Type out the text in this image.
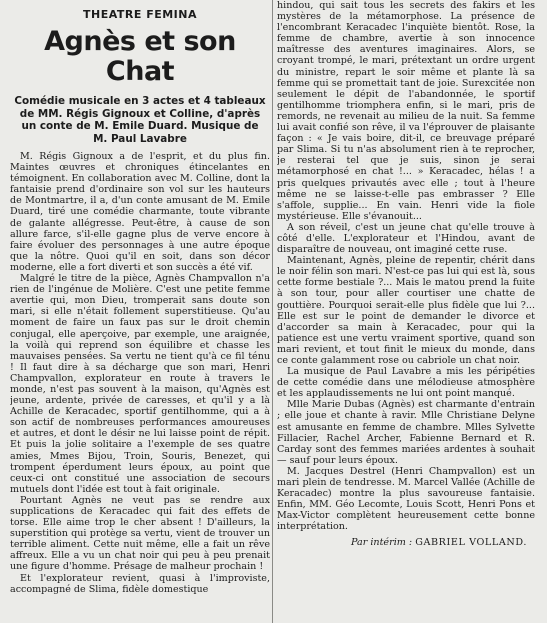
THEATRE FEMINA
Agnès et son Chat
Comédie musicale en 3 actes et 4 tableaux de MM. Régis Gignoux et Colline, d'après un conte de M. Emile Duard. Musique de M. Paul Lavabre

M. Régis Gignoux a de l'esprit, et du plus fin. Maintes œuvres et chroniques étincelantes en témoignent. En collaboration avec M. Colline, dont la fantaisie prend d'ordinaire son vol sur les hauteurs de Montmartre, il a, d'un conte amusant de M. Emile Duard, tiré une comédie charmante, toute vibrante de galante allégresse. Peut-être, à cause de son allure farce, s'il-elle gagne plus de verve encore à faire évoluer des personnages à une autre époque que la nôtre. Quoi qu'il en soit, dans son décor moderne, elle a fort diverti et son succès a été vif.

Malgré le titre de la pièce, Agnès Champvallon n'a rien de l'ingénue de Molière. C'est une petite femme avertie qui, mon Dieu, tromperait sans doute son mari, si elle n'était follement superstitieuse. Qu'au moment de faire un faux pas sur le droit chemin conjugal, elle aperçoive, par exemple, une araignée, la voilà qui reprend son équilibre et chasse les mauvaises pensées. Sa vertu ne tient qu'à ce fil ténu ! Il faut dire à sa décharge que son mari, Henri Champvallon, explorateur en route à travers le monde, n'est pas souvent à la maison, qu'Agnès est jeune, ardente, privée de caresses, et qu'il y a là Achille de Keracadec, sportif gentilhomme, qui a à son actif de nombreuses performances amoureuses et autres, et dont le désir ne lui laisse point de répit. Et puis la jolie solitaire a l'exemple de ses quatre amies, Mmes Bijou, Troin, Souris, Benezet, qui trompent éperdument leurs époux, au point que ceux-ci ont constitué une association de secours mutuels dont l'idée est tout à fait originale.

Pourtant Agnès ne veut pas se rendre aux supplications de Keracadec qui fait des effets de torse. Elle aime trop le cher absent ! D'ailleurs, la superstition qui protège sa vertu, vient de trouver un terrible aliment. Cette nuit même, elle a fait un rêve affreux. Elle a vu un chat noir qui peu à peu prenait une figure d'homme. Présage de malheur prochain !

Et l'explorateur revient, quasi à l'improviste, accompagné de Slima, fidèle domestique

hindou, qui sait tous les secrets des fakirs et les mystères de la métamorphose. La présence de l'encombrant Keracadec l'inquiète bientôt. Rose, la femme de chambre, avertie à son innocence maîtresse des aventures imaginaires. Alors, se croyant trompé, le mari, prétextant un ordre urgent du ministre, repart le soir même et plante là sa femme qui se promettait tant de joie. Surexcitée non seulement le dépit de l'abandonnée, le sportif gentilhomme triomphera enfin, si le mari, pris de remords, ne revenait au milieu de la nuit. Sa femme lui avait confié son rêve, il va l'éprouver de plaisante façon : « Je vais boire, dit-il, ce breuvage préparé par Slima. Si tu n'as absolument rien à te reprocher, je resterai tel que je suis, sinon je serai métamorphosé en chat !... » Keracadec, hélas ! a pris quelques privautés avec elle ; tout à l'heure même ne se laisse-t-elle pas embrasser ? Elle s'affole, supplie... En vain. Henri vide la fiole mystérieuse. Elle s'évanouit...

A son réveil, c'est un jeune chat qu'elle trouve à côté d'elle. L'explorateur et l'Hindou, avant de disparaître de nouveau, ont imaginé cette ruse.

Maintenant, Agnès, pleine de repentir, chérit dans le noir félin son mari. N'est-ce pas lui qui est là, sous cette forme bestiale ?... Mais le matou prend la fuite à son tour, pour aller courtiser une chatte de gouttière. Pourquoi serait-elle plus fidèle que lui ?... Elle est sur le point de demander le divorce et d'accorder sa main à Keracadec, pour qui la patience est une vertu vraiment sportive, quand son mari revient, et tout finit le mieux du monde, dans ce conte galamment rose ou cabriole un chat noir.

La musique de Paul Lavabre a mis les péripéties de cette comédie dans une mélodieuse atmosphère et les applaudissements ne lui ont point manqué.

Mlle Marie Dubas (Agnès) est charmante d'entrain ; elle joue et chante à ravir. Mlle Christiane Delyne est amusante en femme de chambre. Mlles Sylvette Fillacier, Rachel Archer, Fabienne Bernard et R. Carday sont des femmes mariées ardentes à souhait — sauf pour leurs époux.

M. Jacques Destrel (Henri Champvallon) est un mari plein de tendresse. M. Marcel Vallée (Achille de Keracadec) montre la plus savoureuse fantaisie. Enfin, MM. Géo Lecomte, Louis Scott, Henri Pons et Max-Victor complètent heureusement cette bonne interprétation.

Par intérim : GABRIEL VOLLAND.
